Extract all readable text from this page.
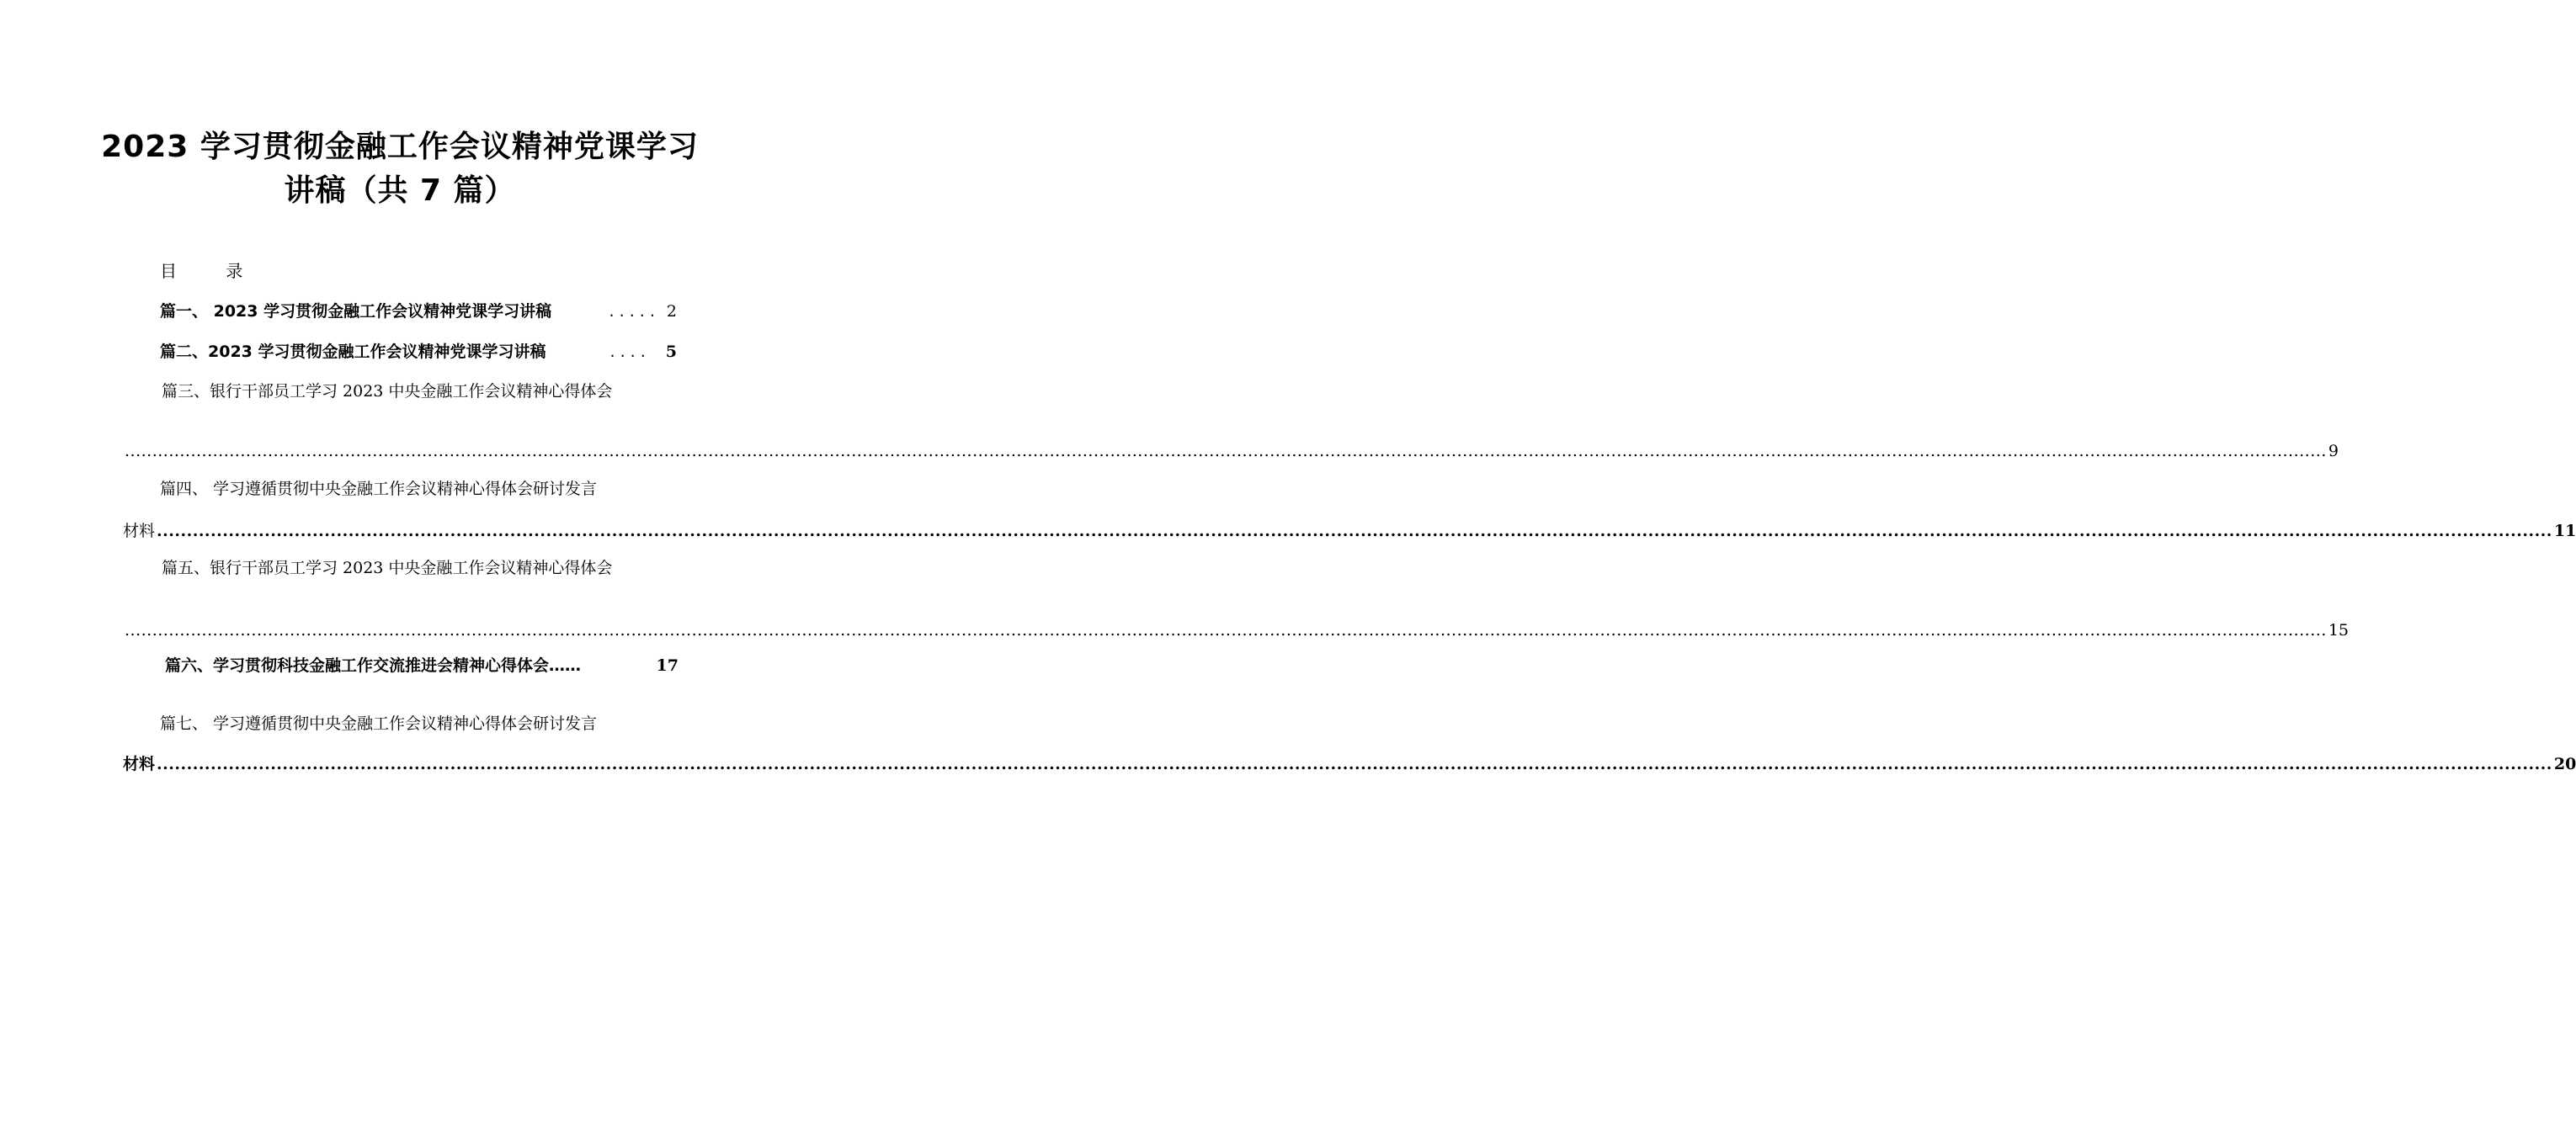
2023 学习贯彻金融工作会议精神党课学习
讲稿（共 7 篇）
目 录
篇一、 2023 学习贯彻金融工作会议精神党课学习讲稿	. . . . . 2
篇二、2023 学习贯彻金融工作会议精神党课学习讲稿	. . . . 5
篇三、银行干部员工学习 2023 中央金融工作会议精神心得体会
................................................................................................................................................................................................................................................................................................................................................................................................................ 9
篇四、 学习遵循贯彻中央金融工作会议精神心得体会研讨发言
材料 ................................................................................................................................................................................................................................................................................................................................................................................................................ 11
篇五、银行干部员工学习 2023 中央金融工作会议精神心得体会
................................................................................................................................................................................................................................................................................................................................................................................................................ 15
篇六、学习贯彻科技金融工作交流推进会精神心得体会……	17
篇七、 学习遵循贯彻中央金融工作会议精神心得体会研讨发言
材料 ................................................................................................................................................................................................................................................................................................................................................................................................................ 20
